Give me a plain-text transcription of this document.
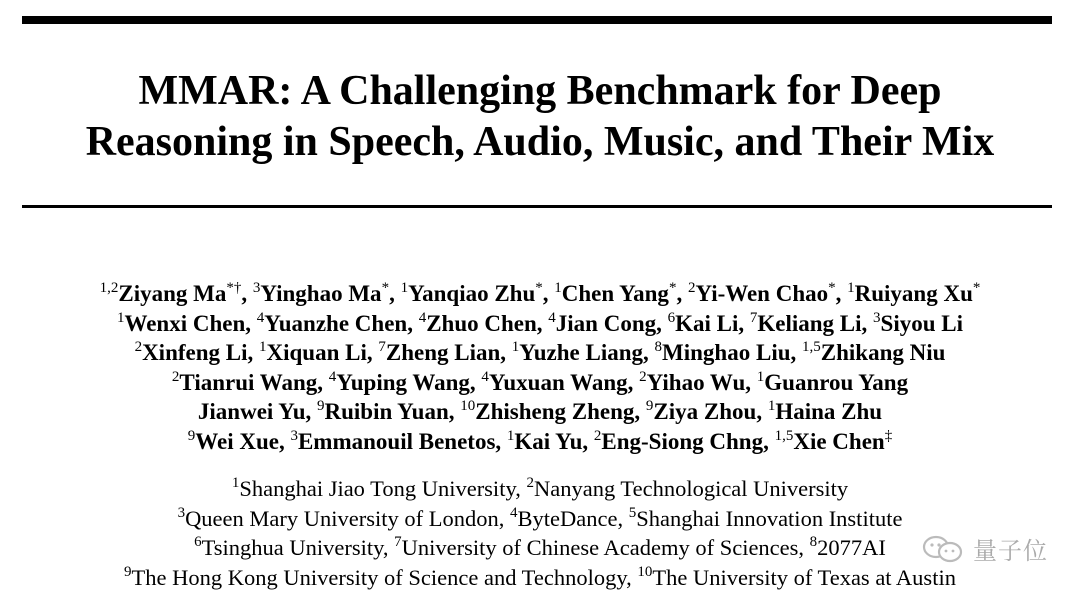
MMAR: A Challenging Benchmark for Deep
Reasoning in Speech, Audio, Music, and Their Mix
$^{1,2}$Ziyang Ma*†, $^3$Yinghao Ma*, $^1$Yanqiao Zhu*, $^1$Chen Yang*, $^2$Yi-Wen Chao*, $^1$Ruiyang Xu*
$^1$Wenxi Chen, $^4$Yuanzhe Chen, $^4$Zhuo Chen, $^4$Jian Cong, $^6$Kai Li, $^7$Keliang Li, $^3$Siyou Li
$^2$Xinfeng Li, $^1$Xiquan Li, $^7$Zheng Lian, $^1$Yuzhe Liang, $^8$Minghao Liu, $^{1,5}$Zhikang Niu
$^2$Tianrui Wang, $^4$Yuping Wang, $^4$Yuxuan Wang, $^2$Yihao Wu, $^1$Guanrou Yang
Jianwei Yu, $^9$Ruibin Yuan, $^{10}$Zhisheng Zheng, $^9$Ziya Zhou, $^1$Haina Zhu
$^9$Wei Xue, $^3$Emmanouil Benetos, $^1$Kai Yu, $^2$Eng-Siong Chng, $^{1,5}$Xie Chen‡
$^1$Shanghai Jiao Tong University, $^2$Nanyang Technological University
$^3$Queen Mary University of London, $^4$ByteDance, $^5$Shanghai Innovation Institute
$^6$Tsinghua University, $^7$University of Chinese Academy of Sciences, $^8$2077AI
$^9$The Hong Kong University of Science and Technology, $^{10}$The University of Texas at Austin
量子位
